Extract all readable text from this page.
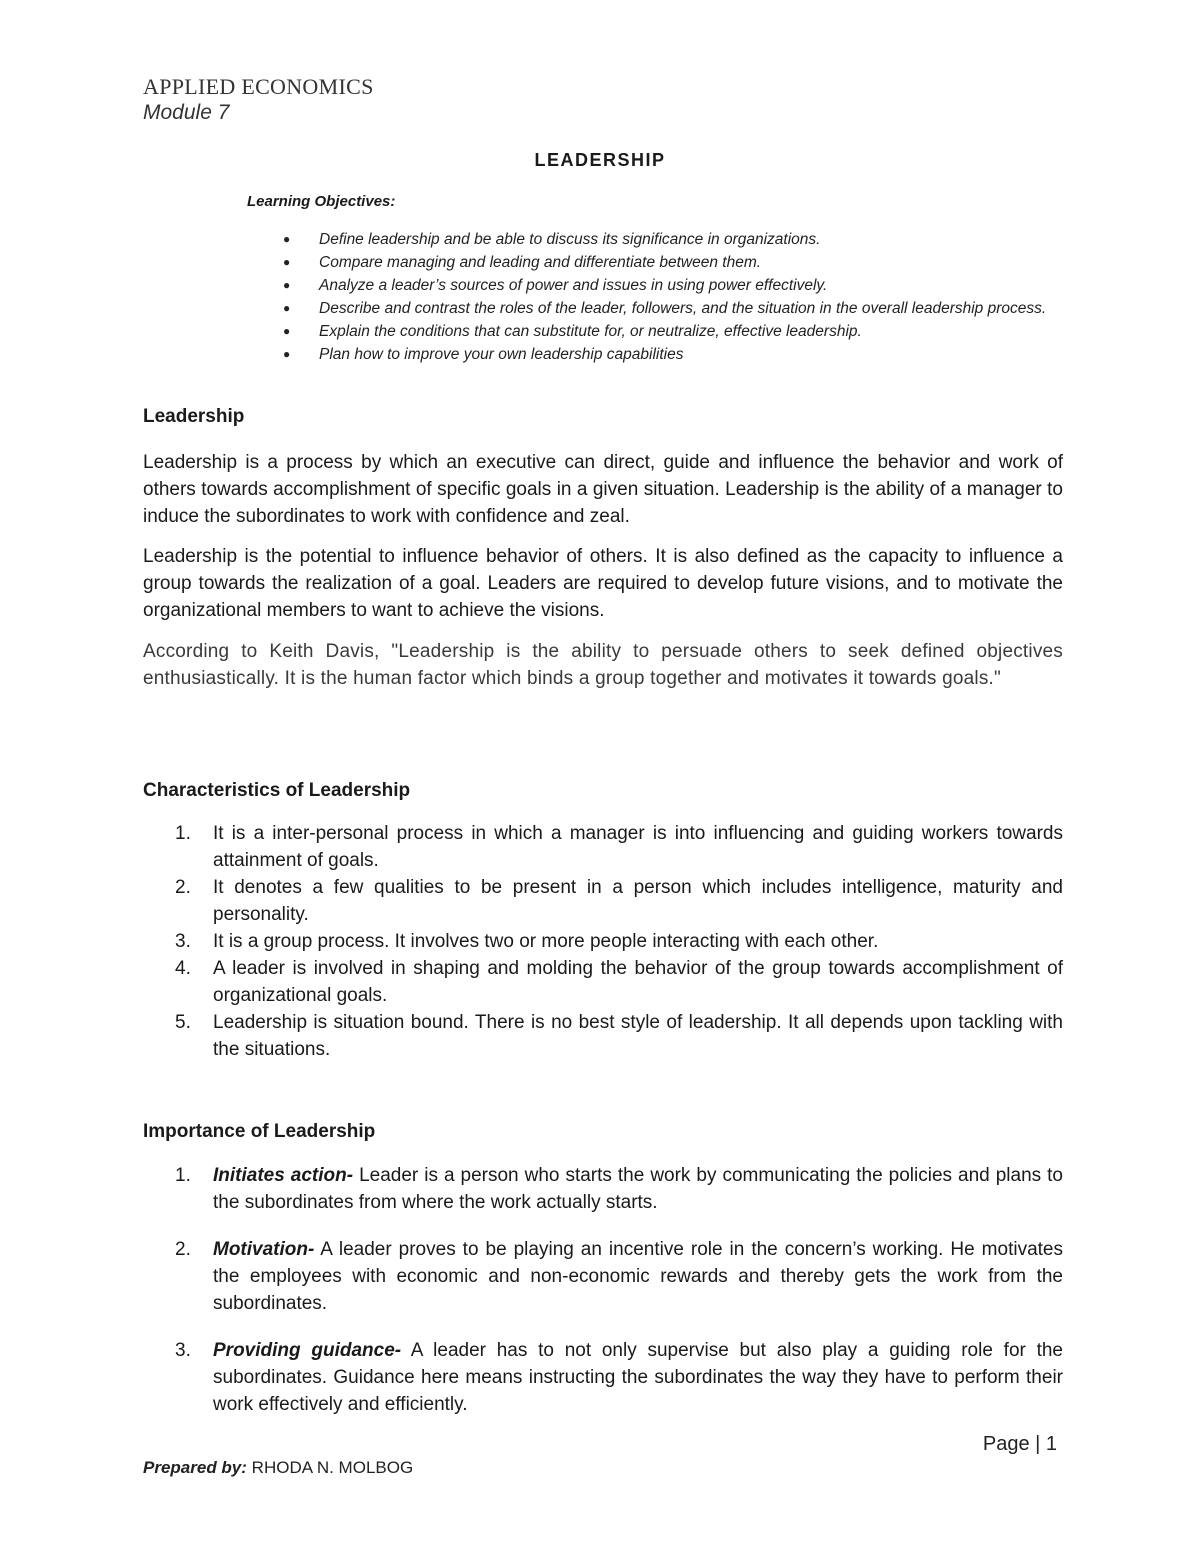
APPLIED ECONOMICS
Module 7
LEADERSHIP
Learning Objectives:
● Define leadership and be able to discuss its significance in organizations.
● Compare managing and leading and differentiate between them.
● Analyze a leader’s sources of power and issues in using power effectively.
● Describe and contrast the roles of the leader, followers, and the situation in the overall leadership process.
● Explain the conditions that can substitute for, or neutralize, effective leadership.
● Plan how to improve your own leadership capabilities
Leadership

Leadership is a process by which an executive can direct, guide and influence the behavior and work of others towards accomplishment of specific goals in a given situation. Leadership is the ability of a manager to induce the subordinates to work with confidence and zeal.

Leadership is the potential to influence behavior of others. It is also defined as the capacity to influence a group towards the realization of a goal. Leaders are required to develop future visions, and to motivate the organizational members to want to achieve the visions.

According to Keith Davis, "Leadership is the ability to persuade others to seek defined objectives enthusiastically. It is the human factor which binds a group together and motivates it towards goals."

Characteristics of Leadership
1. It is a inter-personal process in which a manager is into influencing and guiding workers towards attainment of goals.
2. It denotes a few qualities to be present in a person which includes intelligence, maturity and personality.
3. It is a group process. It involves two or more people interacting with each other.
4. A leader is involved in shaping and molding the behavior of the group towards accomplishment of organizational goals.
5. Leadership is situation bound. There is no best style of leadership. It all depends upon tackling with the situations.
Importance of Leadership
1. Initiates action- Leader is a person who starts the work by communicating the policies and plans to the subordinates from where the work actually starts.
2. Motivation- A leader proves to be playing an incentive role in the concern’s working. He motivates the employees with economic and non-economic rewards and thereby gets the work from the subordinates.
3. Providing guidance- A leader has to not only supervise but also play a guiding role for the subordinates. Guidance here means instructing the subordinates the way they have to perform their work effectively and efficiently.
Page | 1
Prepared by: RHODA N. MOLBOG
